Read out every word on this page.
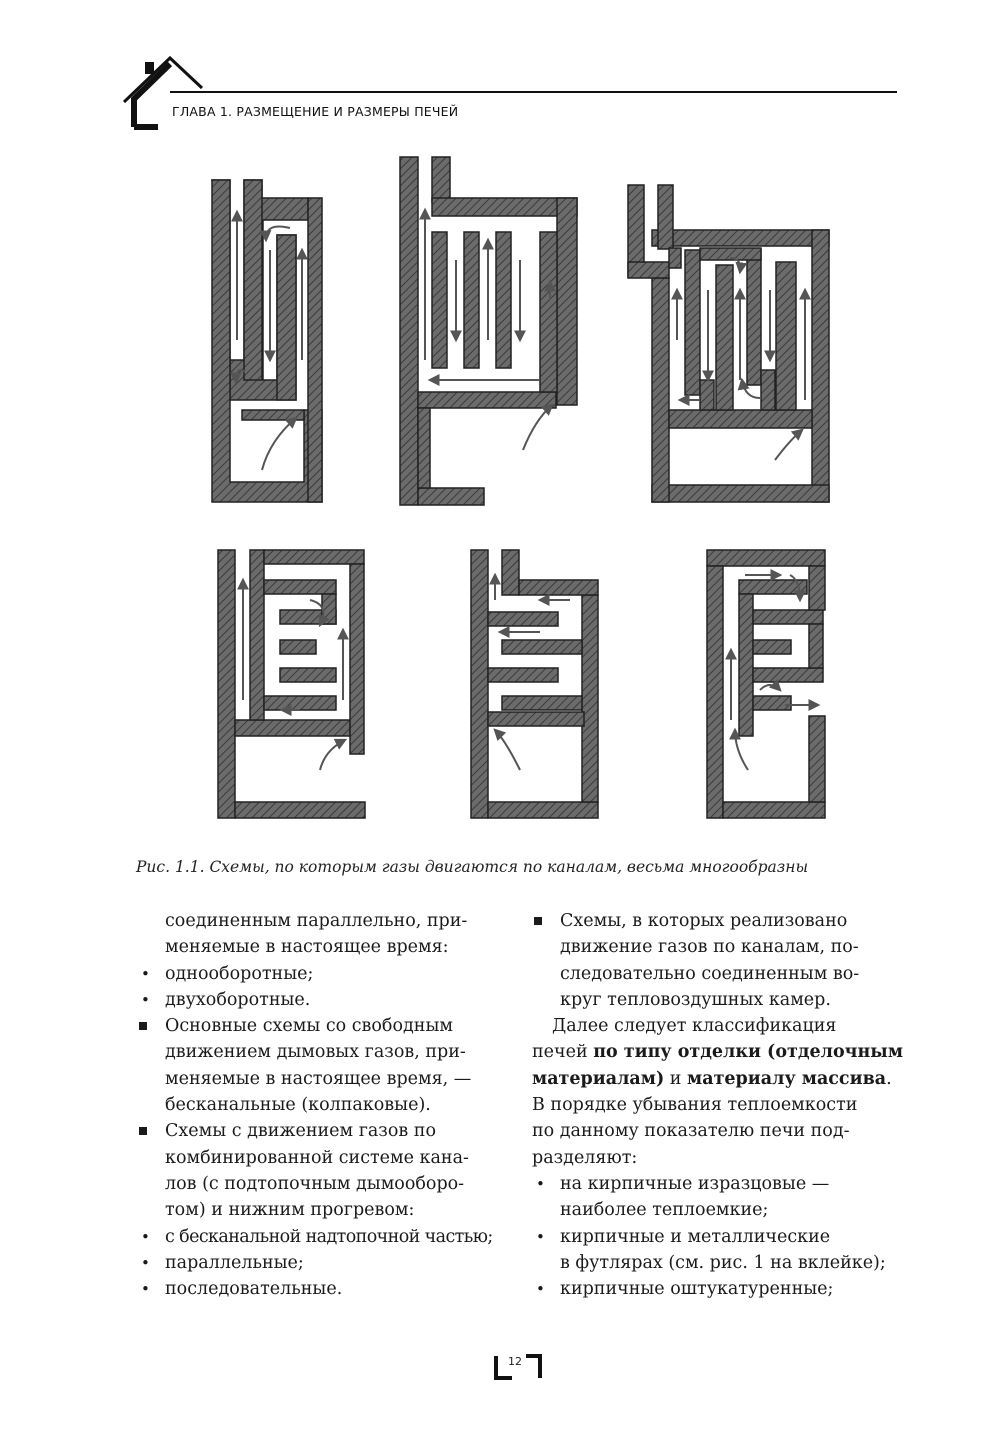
ГЛАВА 1. РАЗМЕЩЕНИЕ И РАЗМЕРЫ ПЕЧЕЙ
Рис. 1.1. Схемы, по которым газы двигаются по каналам, весьма многообразны
соединенным параллельно, при-
меняемые в настоящее время:
• однооборотные;
• двухоборотные.
Основные схемы со свободным
движением дымовых газов, при-
меняемые в настоящее время, —
бесканальные (колпаковые).
Схемы с движением газов по
комбинированной системе кана-
лов (с подтопочным дымооборо-
том) и нижним прогревом:
• с бесканальной надтопочной частью;
• параллельные;
• последовательные.
Схемы, в которых реализовано
движение газов по каналам, по-
следовательно соединенным во-
круг тепловоздушных камер.
Далее следует классификация
печей по типу отделки (отделочным
материалам) и материалу массива.
В порядке убывания теплоемкости
по данному показателю печи под-
разделяют:
• на кирпичные изразцовые —
наиболее теплоемкие;
• кирпичные и металлические
в футлярах (см. рис. 1 на вклейке);
• кирпичные оштукатуренные;
12
